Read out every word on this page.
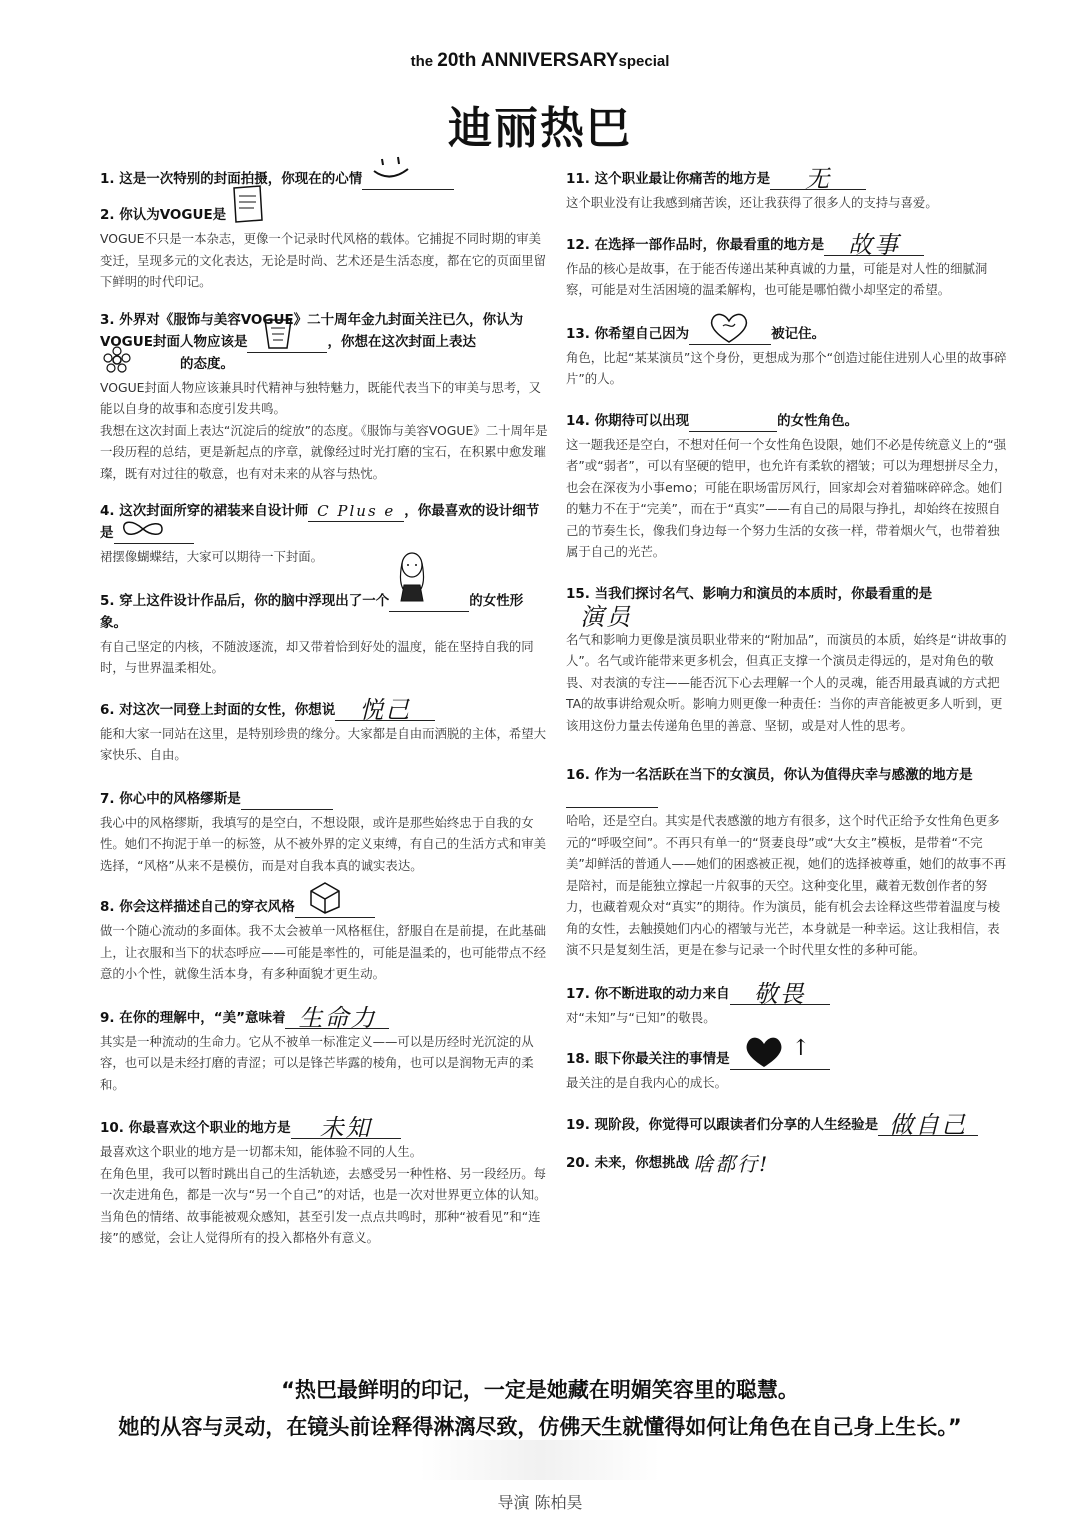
the 20th ANNIVERSARYspecial
迪丽热巴
1. 这是一次特别的封面拍摄，你现在的心情
2. 你认为VOGUE是

VOGUE不只是一本杂志，更像一个记录时代风格的载体。它捕捉不同时期的审美变迁，呈现多元的文化表达，无论是时尚、艺术还是生活态度，都在它的页面里留下鲜明的时代印记。

3. 外界对《服饰与美容VOGUE》二十周年金九封面关注已久，你认为VOGUE封面人物应该是	，你想在这次封面上表达
的态度。

VOGUE封面人物应该兼具时代精神与独特魅力，既能代表当下的审美与思考，又能以自身的故事和态度引发共鸣。

我想在这次封面上表达“沉淀后的绽放”的态度。《服饰与美容VOGUE》二十周年是一段历程的总结，更是新起点的序章，就像经过时光打磨的宝石，在积累中愈发璀璨，既有对过往的敬意，也有对未来的从容与热忱。

4. 这次封面所穿的裙装来自设计师 C Plus e ，你最喜欢的设计细节是

裙摆像蝴蝶结，大家可以期待一下封面。

5. 穿上这件设计作品后，你的脑中浮现出了一个	的女性形象。

有自己坚定的内核，不随波逐流，却又带着恰到好处的温度，能在坚持自我的同时，与世界温柔相处。

6. 对这次一同登上封面的女性，你想说 悦己

能和大家一同站在这里，是特别珍贵的缘分。大家都是自由而洒脱的主体，希望大家快乐、自由。

7. 你心中的风格缪斯是

我心中的风格缪斯，我填写的是空白，不想设限，或许是那些始终忠于自我的女性。她们不拘泥于单一的标签，从不被外界的定义束缚，有自己的生活方式和审美选择，“风格”从来不是模仿，而是对自我本真的诚实表达。

8. 你会这样描述自己的穿衣风格

做一个随心流动的多面体。我不太会被单一风格框住，舒服自在是前提，在此基础上，让衣服和当下的状态呼应——可能是率性的，可能是温柔的，也可能带点不经意的小个性，就像生活本身，有多种面貌才更生动。

9. 在你的理解中，“美”意味着 生命力

其实是一种流动的生命力。它从不被单一标准定义——可以是历经时光沉淀的从容，也可以是未经打磨的青涩；可以是锋芒毕露的棱角，也可以是润物无声的柔和。

10. 你最喜欢这个职业的地方是 未知

最喜欢这个职业的地方是一切都未知，能体验不同的人生。

在角色里，我可以暂时跳出自己的生活轨迹，去感受另一种性格、另一段经历。每一次走进角色，都是一次与“另一个自己”的对话，也是一次对世界更立体的认知。当角色的情绪、故事能被观众感知，甚至引发一点点共鸣时，那种“被看见”和“连接”的感觉，会让人觉得所有的投入都格外有意义。

11. 这个职业最让你痛苦的地方是 无

这个职业没有让我感到痛苦诶，还让我获得了很多人的支持与喜爱。

12. 在选择一部作品时，你最看重的地方是 故事

作品的核心是故事，在于能否传递出某种真诚的力量，可能是对人性的细腻洞察，可能是对生活困境的温柔解构，也可能是哪怕微小却坚定的希望。

13. 你希望自己因为	被记住。

角色，比起“某某演员”这个身份，更想成为那个“创造过能住进别人心里的故事碎片”的人。

14. 你期待可以出现	的女性角色。

这一题我还是空白，不想对任何一个女性角色设限，她们不必是传统意义上的“强者”或“弱者”，可以有坚硬的铠甲，也允许有柔软的褶皱；可以为理想拼尽全力，也会在深夜为小事emo；可能在职场雷厉风行，回家却会对着猫咪碎碎念。她们的魅力不在于“完美”，而在于“真实”——有自己的局限与挣扎，却始终在按照自己的节奏生长，像我们身边每一个努力生活的女孩一样，带着烟火气，也带着独属于自己的光芒。

15. 当我们探讨名气、影响力和演员的本质时，你最看重的是演员

名气和影响力更像是演员职业带来的“附加品”，而演员的本质，始终是“讲故事的人”。名气或许能带来更多机会，但真正支撑一个演员走得远的，是对角色的敬畏、对表演的专注——能否沉下心去理解一个人的灵魂，能否用最真诚的方式把TA的故事讲给观众听。影响力则更像一种责任：当你的声音能被更多人听到，更该用这份力量去传递角色里的善意、坚韧，或是对人性的思考。

16. 作为一名活跃在当下的女演员，你认为值得庆幸与感激的地方是

哈哈，还是空白。其实是代表感激的地方有很多，这个时代正给予女性角色更多元的“呼吸空间”。不再只有单一的“贤妻良母”或“大女主”模板，是带着“不完美”却鲜活的普通人——她们的困惑被正视，她们的选择被尊重，她们的故事不再是陪衬，而是能独立撑起一片叙事的天空。这种变化里，藏着无数创作者的努力，也藏着观众对“真实”的期待。作为演员，能有机会去诠释这些带着温度与棱角的女性，去触摸她们内心的褶皱与光芒，本身就是一种幸运。这让我相信，表演不只是复刻生活，更是在参与记录一个时代里女性的多种可能。

17. 你不断进取的动力来自 敬畏

对“未知”与“已知”的敬畏。

18. 眼下你最关注的事情是	↑

最关注的是自我内心的成长。

19. 现阶段，你觉得可以跟读者们分享的人生经验是 做自己
20. 未来，你想挑战 啥都行!
“热巴最鲜明的印记，一定是她藏在明媚笑容里的聪慧。
她的从容与灵动，在镜头前诠释得淋漓尽致，仿佛天生就懂得如何让角色在自己身上生长。”
导演 陈柏昊
